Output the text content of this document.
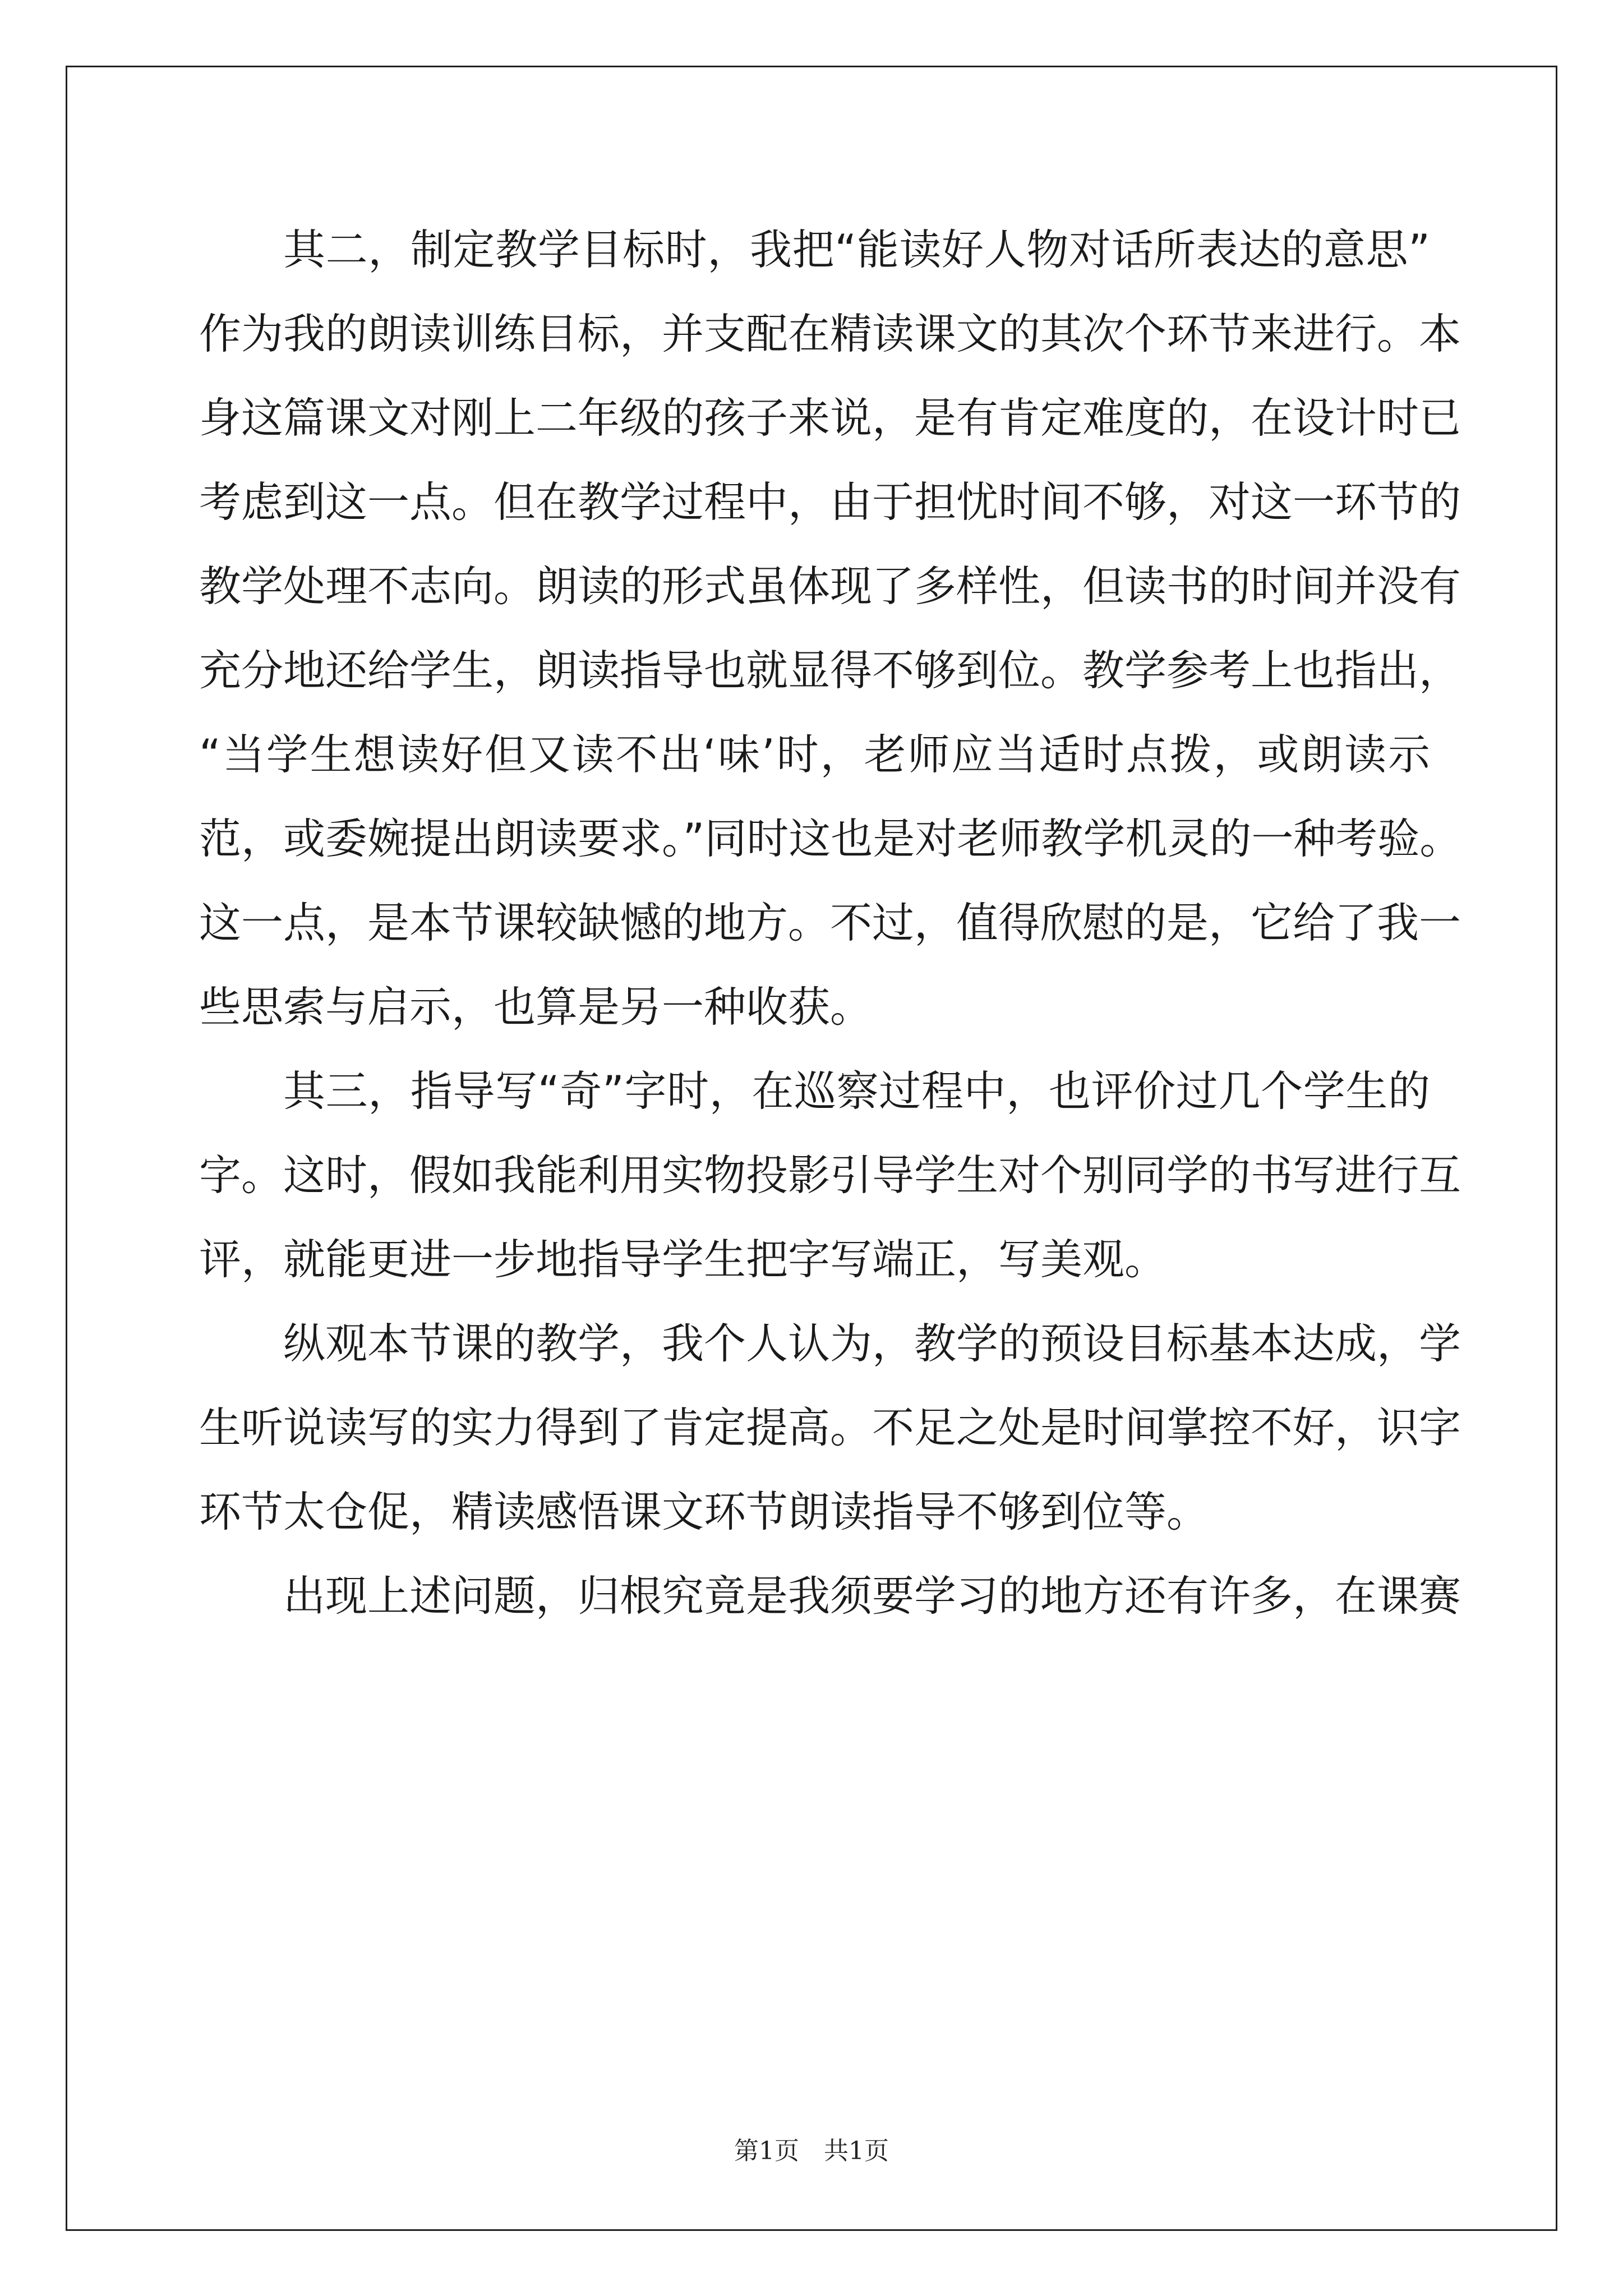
其二，制定教学目标时，我把“能读好人物对话所表达的意思”
作为我的朗读训练目标，并支配在精读课文的其次个环节来进行。本
身这篇课文对刚上二年级的孩子来说，是有肯定难度的，在设计时已
考虑到这一点。但在教学过程中，由于担忧时间不够，对这一环节的
教学处理不志向。朗读的形式虽体现了多样性，但读书的时间并没有
充分地还给学生，朗读指导也就显得不够到位。教学参考上也指出，
“当学生想读好但又读不出‘味’时，老师应当适时点拨，或朗读示
范，或委婉提出朗读要求。”同时这也是对老师教学机灵的一种考验。
这一点，是本节课较缺憾的地方。不过，值得欣慰的是，它给了我一
些思索与启示，也算是另一种收获。
其三，指导写“奇”字时，在巡察过程中，也评价过几个学生的
字。这时，假如我能利用实物投影引导学生对个别同学的书写进行互
评，就能更进一步地指导学生把字写端正，写美观。
纵观本节课的教学，我个人认为，教学的预设目标基本达成，学
生听说读写的实力得到了肯定提高。不足之处是时间掌控不好，识字
环节太仓促，精读感悟课文环节朗读指导不够到位等。
出现上述问题，归根究竟是我须要学习的地方还有许多，在课赛
第1页 共1页
